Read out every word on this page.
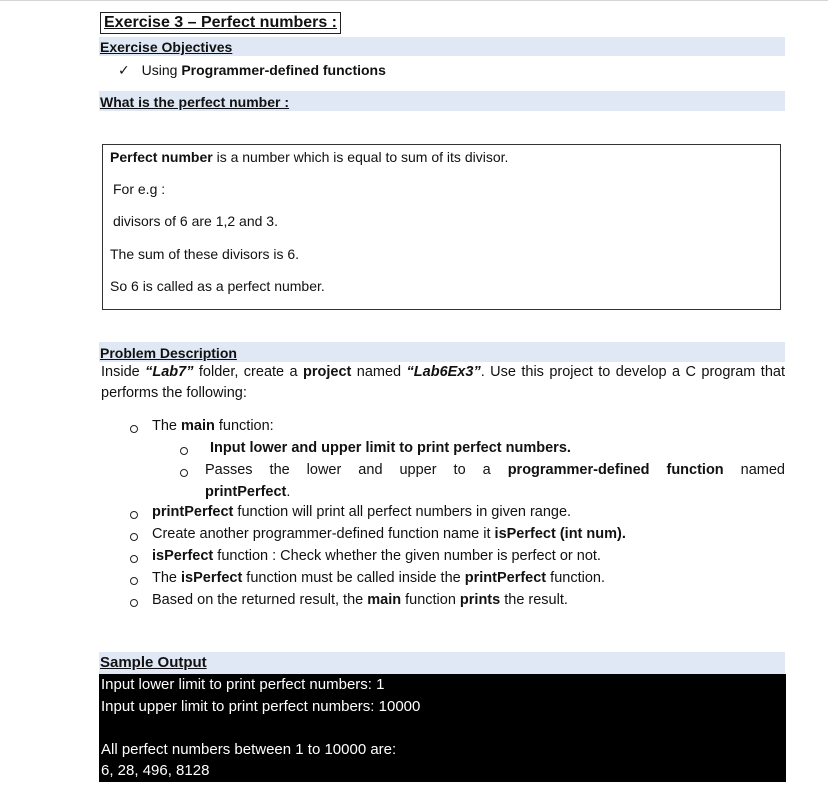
Exercise 3 – Perfect numbers :
Exercise Objectives
✓ Using Programmer-defined functions
What is the perfect number :
Perfect number is a number which is equal to sum of its divisor.
For e.g :
divisors of 6 are 1,2 and 3.
The sum of these divisors is 6.
So 6 is called as a perfect number.
Problem Description
Inside “Lab7” folder, create a project named “Lab6Ex3”. Use this project to develop a C program that
performs the following:
The main function:
Input lower and upper limit to print perfect numbers.
Passes the lower and upper to a programmer-defined function named
printPerfect.
printPerfect function will print all perfect numbers in given range.
Create another programmer-defined function name it isPerfect (int num).
isPerfect function : Check whether the given number is perfect or not.
The isPerfect function must be called inside the printPerfect function.
Based on the returned result, the main function prints the result.
Sample Output
Input lower limit to print perfect numbers: 1
Input upper limit to print perfect numbers: 10000
All perfect numbers between 1 to 10000 are:
6, 28, 496, 8128
